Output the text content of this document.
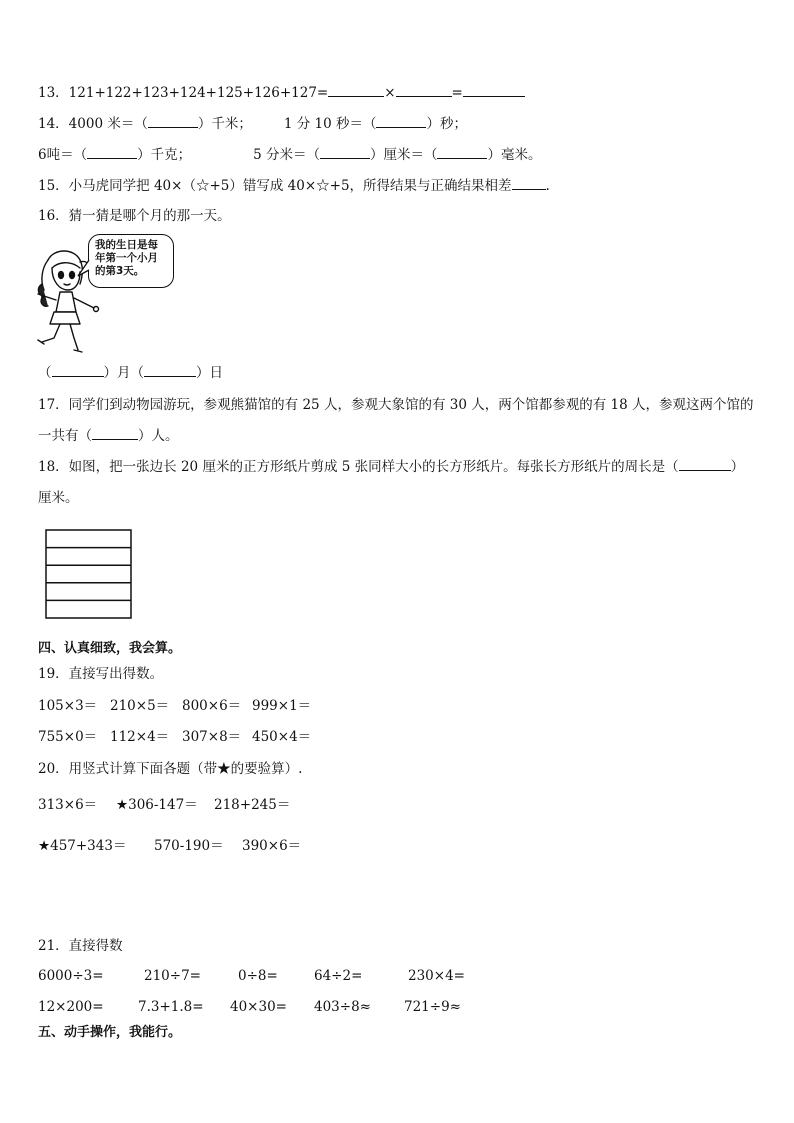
13．121+122+123+124+125+126+127=	×	=
14．4000 米＝（	）千米； 1 分 10 秒＝（	）秒；
6吨＝（	）千克；	5 分米＝（	）厘米＝（	）毫米。
15．小马虎同学把 40×（☆+5）错写成 40×☆+5，所得结果与正确结果相差	.
16．猜一猜是哪个月的那一天。
我的生日是每年第一个小月的第3天。
（	）月（	）日
17．同学们到动物园游玩，参观熊猫馆的有 25 人，参观大象馆的有 30 人，两个馆都参观的有 18 人，参观这两个馆的
一共有（	）人。
18．如图，把一张边长 20 厘米的正方形纸片剪成 5 张同样大小的长方形纸片。每张长方形纸片的周长是（	）
厘米。
四、认真细致，我会算。
19．直接写出得数。
105×3＝ 210×5＝ 800×6＝ 999×1＝
755×0＝ 112×4＝ 307×8＝ 450×4＝
20．用竖式计算下面各题（带★的要验算）.
313×6＝ ★306-147＝ 218+245＝
★457+343＝ 570-190＝ 390×6＝
21．直接得数
6000÷3=	210÷7=	0÷8=	64÷2=	230×4=
12×200=	7.3+1.8= 40×30= 403÷8≈ 721÷9≈
五、动手操作，我能行。
